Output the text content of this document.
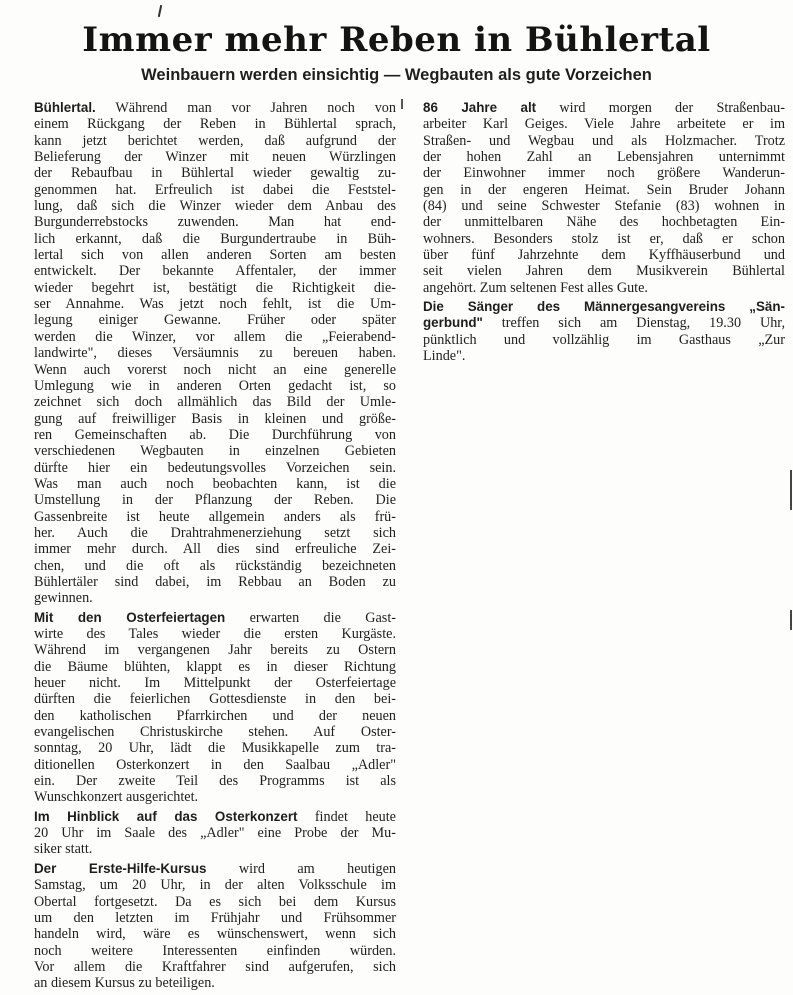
Immer mehr Reben in Bühlertal
Weinbauern werden einsichtig — Wegbauten als gute Vorzeichen
Bühlertal. Während man vor Jahren noch von
einem Rückgang der Reben in Bühlertal sprach,
kann jetzt berichtet werden, daß aufgrund der
Belieferung der Winzer mit neuen Würzlingen
der Rebaufbau in Bühlertal wieder gewaltig zu-
genommen hat. Erfreulich ist dabei die Feststel-
lung, daß sich die Winzer wieder dem Anbau des
Burgunderrebstocks zuwenden. Man hat end-
lich erkannt, daß die Burgundertraube in Büh-
lertal sich von allen anderen Sorten am besten
entwickelt. Der bekannte Affentaler, der immer
wieder begehrt ist, bestätigt die Richtigkeit die-
ser Annahme. Was jetzt noch fehlt, ist die Um-
legung einiger Gewanne. Früher oder später
werden die Winzer, vor allem die „Feierabend-
landwirte", dieses Versäumnis zu bereuen haben.
Wenn auch vorerst noch nicht an eine generelle
Umlegung wie in anderen Orten gedacht ist, so
zeichnet sich doch allmählich das Bild der Umle-
gung auf freiwilliger Basis in kleinen und größe-
ren Gemeinschaften ab. Die Durchführung von
verschiedenen Wegbauten in einzelnen Gebieten
dürfte hier ein bedeutungsvolles Vorzeichen sein.
Was man auch noch beobachten kann, ist die
Umstellung in der Pflanzung der Reben. Die
Gassenbreite ist heute allgemein anders als frü-
her. Auch die Drahtrahmenerziehung setzt sich
immer mehr durch. All dies sind erfreuliche Zei-
chen, und die oft als rückständig bezeichneten
Bühlertäler sind dabei, im Rebbau an Boden zu
gewinnen.
Mit den Osterfeiertagen erwarten die Gast-
wirte des Tales wieder die ersten Kurgäste.
Während im vergangenen Jahr bereits zu Ostern
die Bäume blühten, klappt es in dieser Richtung
heuer nicht. Im Mittelpunkt der Osterfeiertage
dürften die feierlichen Gottesdienste in den bei-
den katholischen Pfarrkirchen und der neuen
evangelischen Christuskirche stehen. Auf Oster-
sonntag, 20 Uhr, lädt die Musikkapelle zum tra-
ditionellen Osterkonzert in den Saalbau „Adler"
ein. Der zweite Teil des Programms ist als
Wunschkonzert ausgerichtet.
Im Hinblick auf das Osterkonzert findet heute
20 Uhr im Saale des „Adler" eine Probe der Mu-
siker statt.
Der Erste-Hilfe-Kursus wird am heutigen
Samstag, um 20 Uhr, in der alten Volksschule im
Obertal fortgesetzt. Da es sich bei dem Kursus
um den letzten im Frühjahr und Frühsommer
handeln wird, wäre es wünschenswert, wenn sich
noch weitere Interessenten einfinden würden.
Vor allem die Kraftfahrer sind aufgerufen, sich
an diesem Kursus zu beteiligen.
86 Jahre alt wird morgen der Straßenbau-
arbeiter Karl Geiges. Viele Jahre arbeitete er im
Straßen- und Wegbau und als Holzmacher. Trotz
der hohen Zahl an Lebensjahren unternimmt
der Einwohner immer noch größere Wanderun-
gen in der engeren Heimat. Sein Bruder Johann
(84) und seine Schwester Stefanie (83) wohnen in
der unmittelbaren Nähe des hochbetagten Ein-
wohners. Besonders stolz ist er, daß er schon
über fünf Jahrzehnte dem Kyffhäuserbund und
seit vielen Jahren dem Musikverein Bühlertal
angehört. Zum seltenen Fest alles Gute.
Die Sänger des Männergesangvereins „Sän-
gerbund" treffen sich am Dienstag, 19.30 Uhr,
pünktlich und vollzählig im Gasthaus „Zur
Linde".
